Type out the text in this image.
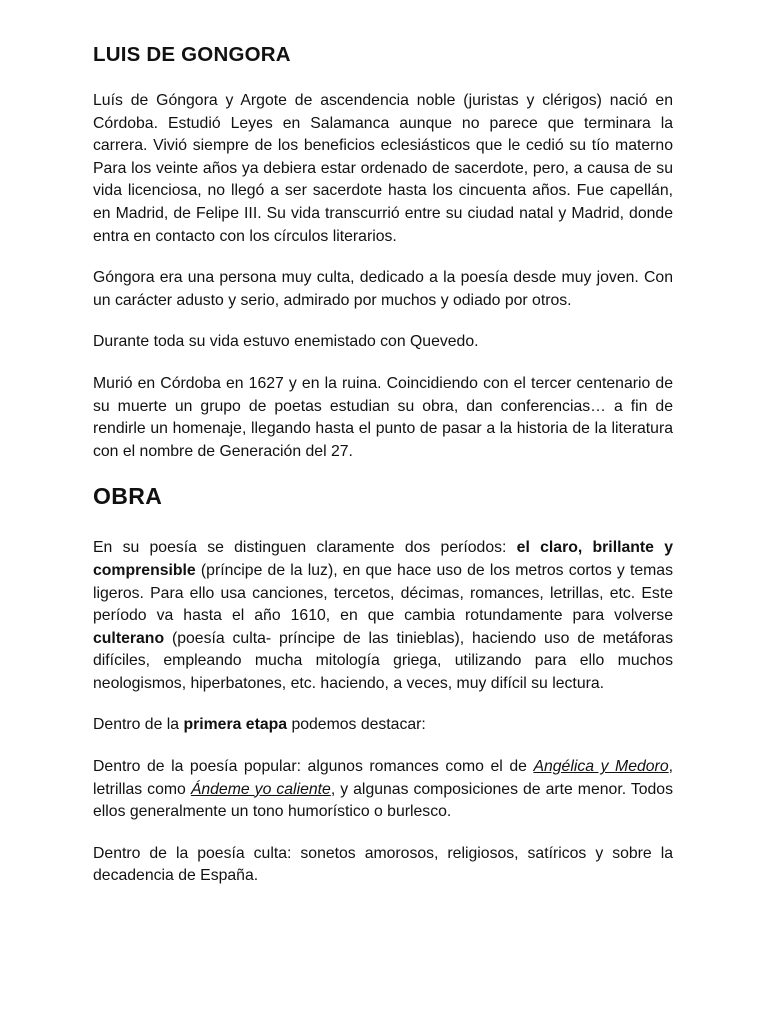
LUIS DE GONGORA

Luís de Góngora y Argote de ascendencia noble (juristas y clérigos) nació en Córdoba. Estudió Leyes en Salamanca aunque no parece que terminara la carrera. Vivió siempre de los beneficios eclesiásticos que le cedió su tío materno Para los veinte años ya debiera estar ordenado de sacerdote, pero, a causa de su vida licenciosa, no llegó a ser sacerdote hasta los cincuenta años. Fue capellán, en Madrid, de Felipe III. Su vida transcurrió entre su ciudad natal y Madrid, donde entra en contacto con los círculos literarios.

Góngora era una persona muy culta, dedicado a la poesía desde muy joven. Con un carácter adusto y serio, admirado por muchos y odiado por otros.

Durante toda su vida estuvo enemistado con Quevedo.

Murió en Córdoba en 1627 y en la ruina. Coincidiendo con el tercer centenario de su muerte un grupo de poetas estudian su obra, dan conferencias… a fin de rendirle un homenaje, llegando hasta el punto de pasar a la historia de la literatura con el nombre de Generación del 27.

OBRA

En su poesía se distinguen claramente dos períodos: el claro, brillante y comprensible (príncipe de la luz), en que hace uso de los metros cortos y temas ligeros. Para ello usa canciones, tercetos, décimas, romances, letrillas, etc. Este período va hasta el año 1610, en que cambia rotundamente para volverse culterano (poesía culta- príncipe de las tinieblas), haciendo uso de metáforas difíciles, empleando mucha mitología griega, utilizando para ello muchos neologismos, hiperbatones, etc. haciendo, a veces, muy difícil su lectura.

Dentro de la primera etapa podemos destacar:

Dentro de la poesía popular: algunos romances como el de Angélica y Medoro, letrillas como Ándeme yo caliente, y algunas composiciones de arte menor. Todos ellos generalmente un tono humorístico o burlesco.

Dentro de la poesía culta: sonetos amorosos, religiosos, satíricos y sobre la decadencia de España.
